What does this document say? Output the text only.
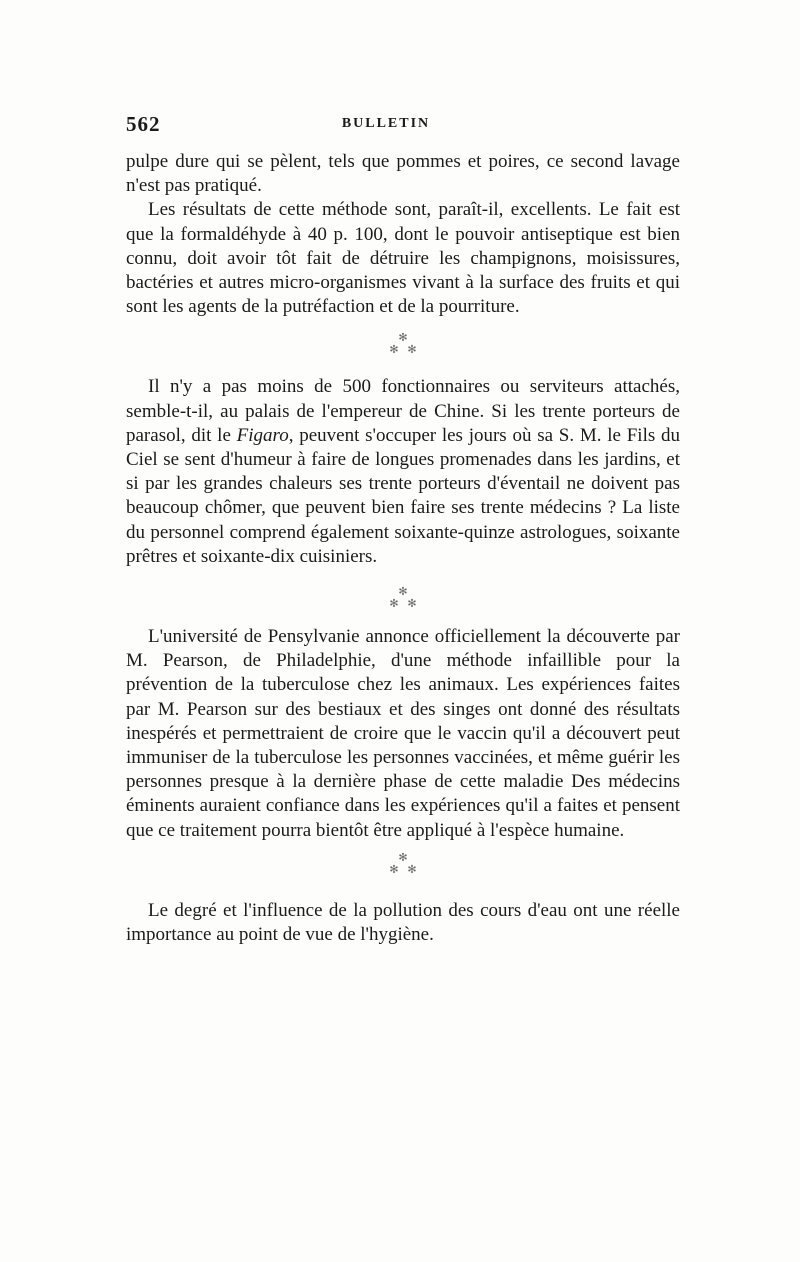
562	BULLETIN

pulpe dure qui se pèlent, tels que pommes et poires, ce second lavage n'est pas pratiqué.

Les résultats de cette méthode sont, paraît-il, excellents. Le fait est que la formaldéhyde à 40 p. 100, dont le pouvoir antiseptique est bien connu, doit avoir tôt fait de détruire les champignons, moisissures, bactéries et autres micro-organismes vivant à la surface des fruits et qui sont les agents de la putréfaction et de la pourriture.

✻
✻ ✻

Il n'y a pas moins de 500 fonctionnaires ou serviteurs attachés, semble-t-il, au palais de l'empereur de Chine. Si les trente porteurs de parasol, dit le Figaro, peuvent s'occuper les jours où sa S. M. le Fils du Ciel se sent d'humeur à faire de longues promenades dans les jardins, et si par les grandes chaleurs ses trente porteurs d'éventail ne doivent pas beaucoup chômer, que peuvent bien faire ses trente médecins ? La liste du personnel comprend également soixante-quinze astrologues, soixante prêtres et soixante-dix cuisiniers.

✻
✻ ✻

L'université de Pensylvanie annonce officiellement la découverte par M. Pearson, de Philadelphie, d'une méthode infaillible pour la prévention de la tuberculose chez les animaux. Les expériences faites par M. Pearson sur des bestiaux et des singes ont donné des résultats inespérés et permettraient de croire que le vaccin qu'il a découvert peut immuniser de la tuberculose les personnes vaccinées, et même guérir les personnes presque à la dernière phase de cette maladie Des médecins éminents auraient confiance dans les expériences qu'il a faites et pensent que ce traitement pourra bientôt être appliqué à l'espèce humaine.

✻
✻ ✻

Le degré et l'influence de la pollution des cours d'eau ont une réelle importance au point de vue de l'hygiène.
